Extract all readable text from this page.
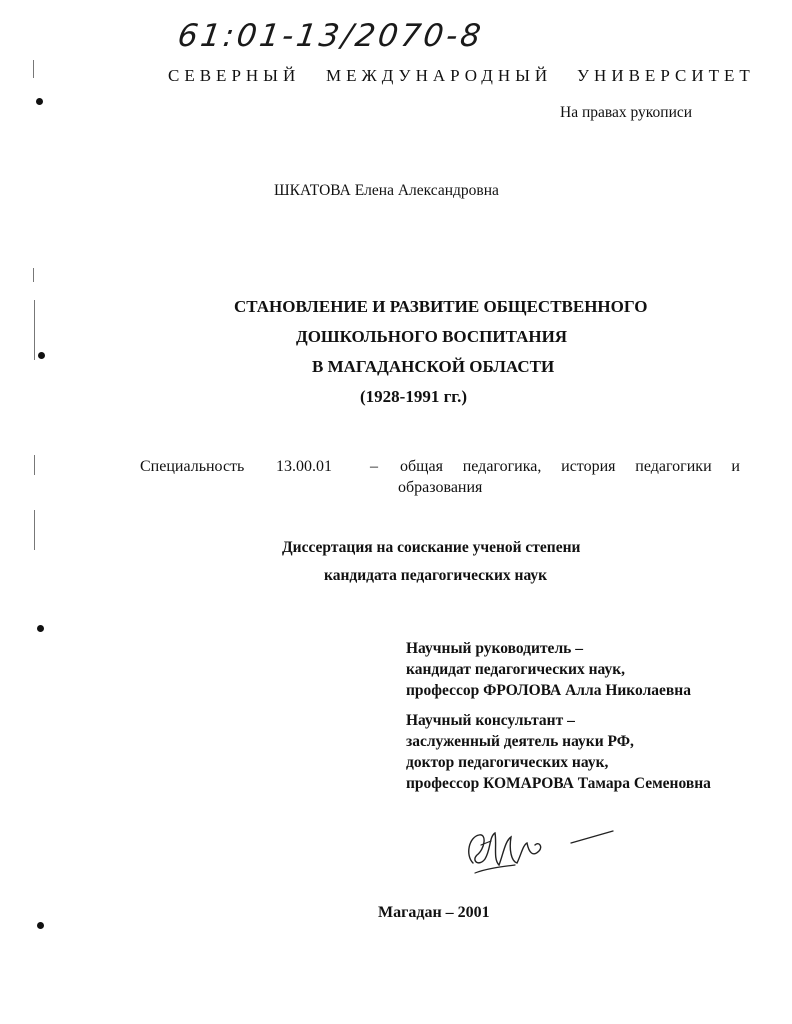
61:01-13/2070-8
СЕВЕРНЫЙ МЕЖДУНАРОДНЫЙ УНИВЕРСИТЕТ
На правах рукописи
ШКАТОВА Елена Александровна
СТАНОВЛЕНИЕ И РАЗВИТИЕ ОБЩЕСТВЕННОГО
ДОШКОЛЬНОГО ВОСПИТАНИЯ
В МАГАДАНСКОЙ ОБЛАСТИ
(1928-1991 гг.)
Специальность 13.00.01 – общая педагогика, история педагогики и
образования
Диссертация на соискание ученой степени
кандидата педагогических наук
Научный руководитель –
кандидат педагогических наук,
профессор ФРОЛОВА Алла Николаевна
Научный консультант –
заслуженный деятель науки РФ,
доктор педагогических наук,
профессор КОМАРОВА Тамара Семеновна
Магадан – 2001
